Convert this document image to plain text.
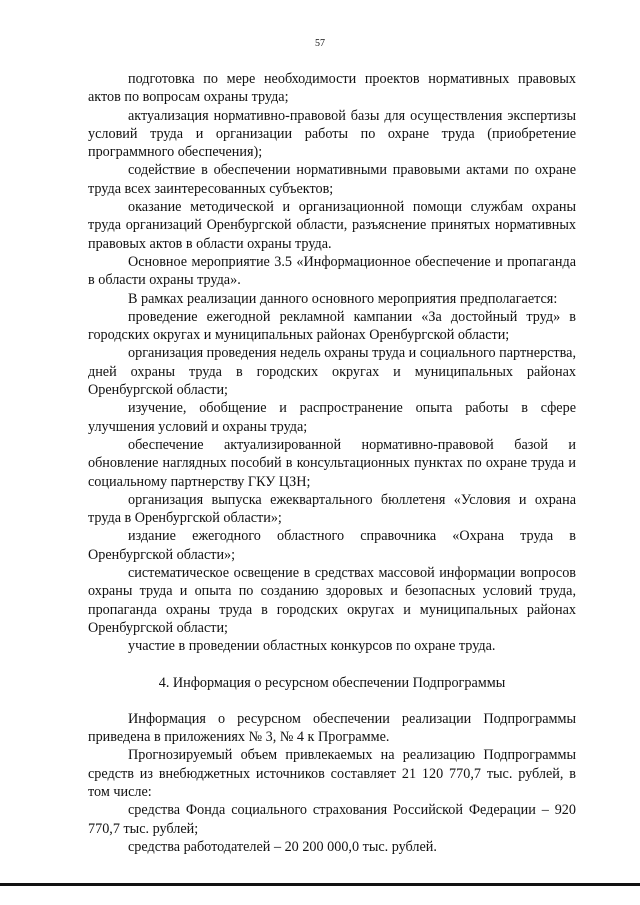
57

подготовка по мере необходимости проектов нормативных правовых актов по вопросам охраны труда;

актуализация нормативно-правовой базы для осуществления экспертизы условий труда и организации работы по охране труда (приобретение программного обеспечения);

содействие в обеспечении нормативными правовыми актами по охране труда всех заинтересованных субъектов;

оказание методической и организационной помощи службам охраны труда организаций Оренбургской области, разъяснение принятых нормативных правовых актов в области охраны труда.

Основное мероприятие 3.5 «Информационное обеспечение и пропаганда в области охраны труда».

В рамках реализации данного основного мероприятия предполагается:

проведение ежегодной рекламной кампании «За достойный труд» в городских округах и муниципальных районах Оренбургской области;

организация проведения недель охраны труда и социального партнерства, дней охраны труда в городских округах и муниципальных районах Оренбургской области;

изучение, обобщение и распространение опыта работы в сфере улучшения условий и охраны труда;

обеспечение актуализированной нормативно-правовой базой и обновление наглядных пособий в консультационных пунктах по охране труда и социальному партнерству ГКУ ЦЗН;

организация выпуска ежеквартального бюллетеня «Условия и охрана труда в Оренбургской области»;

издание ежегодного областного справочника «Охрана труда в Оренбургской области»;

систематическое освещение в средствах массовой информации вопросов охраны труда и опыта по созданию здоровых и безопасных условий труда, пропаганда охраны труда в городских округах и муниципальных районах Оренбургской области;

участие в проведении областных конкурсов по охране труда.

4. Информация о ресурсном обеспечении Подпрограммы

Информация о ресурсном обеспечении реализации Подпрограммы приведена в приложениях № 3, № 4 к Программе.

Прогнозируемый объем привлекаемых на реализацию Подпрограммы средств из внебюджетных источников составляет 21 120 770,7 тыс. рублей, в том числе:

средства Фонда социального страхования Российской Федерации – 920 770,7 тыс. рублей;

средства работодателей – 20 200 000,0 тыс. рублей.
